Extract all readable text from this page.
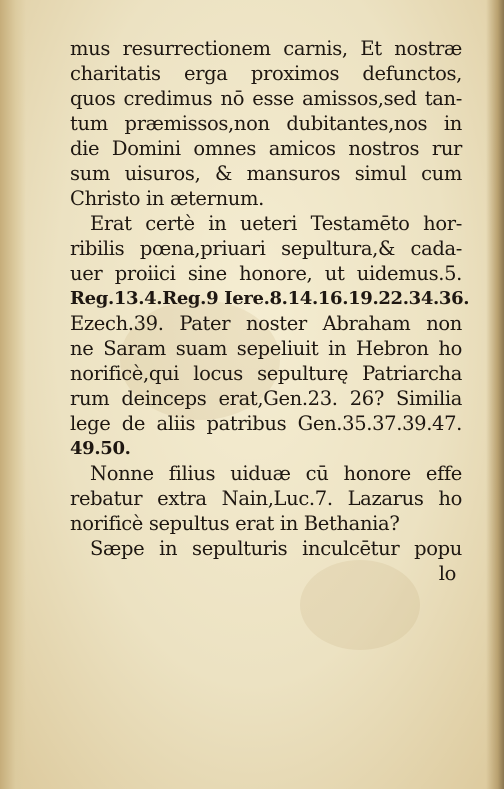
mus resurrectionem carnis, Et nostræ
charitatis erga proximos defunctos,
quos credimus nō esse amissos,sed tan-
tum præmissos,non dubitantes,nos in
die Domini omnes amicos nostros rur
sum uisuros, & mansuros simul cum
Christo in æternum.
Erat certè in ueteri Testamēto hor-
ribilis pœna,priuari sepultura,& cada-
uer proiici sine honore, ut uidemus.5.
Reg.13.4.Reg.9 Iere.8.14.16.19.22.34.36.
Ezech.39. Pater noster Abraham non
ne Saram suam sepeliuit in Hebron ho
norificè,qui locus sepulturę Patriarcha
rum deinceps erat,Gen.23. 26? Similia
lege de aliis patribus Gen.35.37.39.47.
49.50.
Nonne filius uiduæ cū honore effe
rebatur extra Nain,Luc.7. Lazarus ho
norificè sepultus erat in Bethania?
Sæpe in sepulturis inculcētur popu
lo
